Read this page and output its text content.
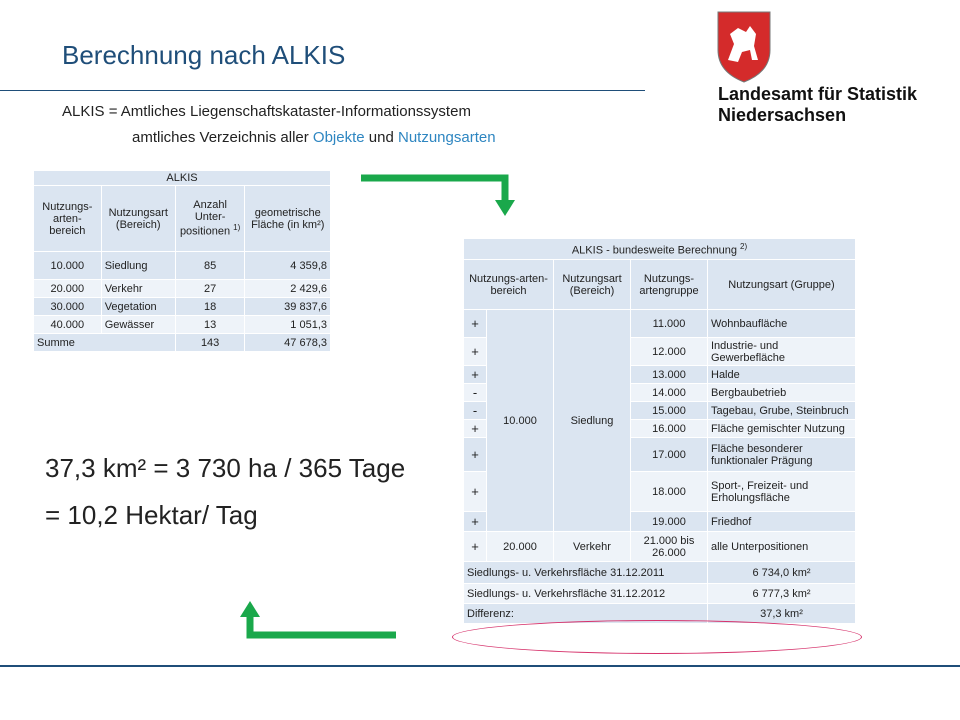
Berechnung nach ALKIS
ALKIS = Amtliches Liegenschaftskataster-Informationssystem
amtliches Verzeichnis aller Objekte und Nutzungsarten
Landesamt für Statistik
Niedersachsen
ALKIS			
Nutzungs-arten-bereich	Nutzungsart (Bereich)	Anzahl Unter-positionen $^{1)}$	geometrische Fläche (in km²)
10.000	Siedlung	85	4 359,8
20.000	Verkehr	27	2 429,6
30.000	Vegetation	18	39 837,6
40.000	Gewässer	13	1 051,3
Summe		143	47 678,3
ALKIS - bundesweite Berechnung $^{2)}$
Nutzungs-arten-bereich		Nutzungsart (Bereich)	Nutzungs-artengruppe	Nutzungsart (Gruppe)
+	10.000	Siedlung	11.000	Wohnbaufläche
+			12.000	Industrie- und Gewerbefläche
+			13.000	Halde
-			14.000	Bergbaubetrieb
-			15.000	Tagebau, Grube, Steinbruch
+			16.000	Fläche gemischter Nutzung
+			17.000	Fläche besonderer funktionaler Prägung
+			18.000	Sport-, Freizeit- und Erholungsfläche
+			19.000	Friedhof
+	20.000	Verkehr	21.000 bis 26.000	alle Unterpositionen
Siedlungs- u. Verkehrsfläche 31.12.2011				6 734,0 km²
Siedlungs- u. Verkehrsfläche 31.12.2012				6 777,3 km²
Differenz:				37,3 km²
37,3 km² = 3 730 ha / 365 Tage
= 10,2 Hektar/ Tag
